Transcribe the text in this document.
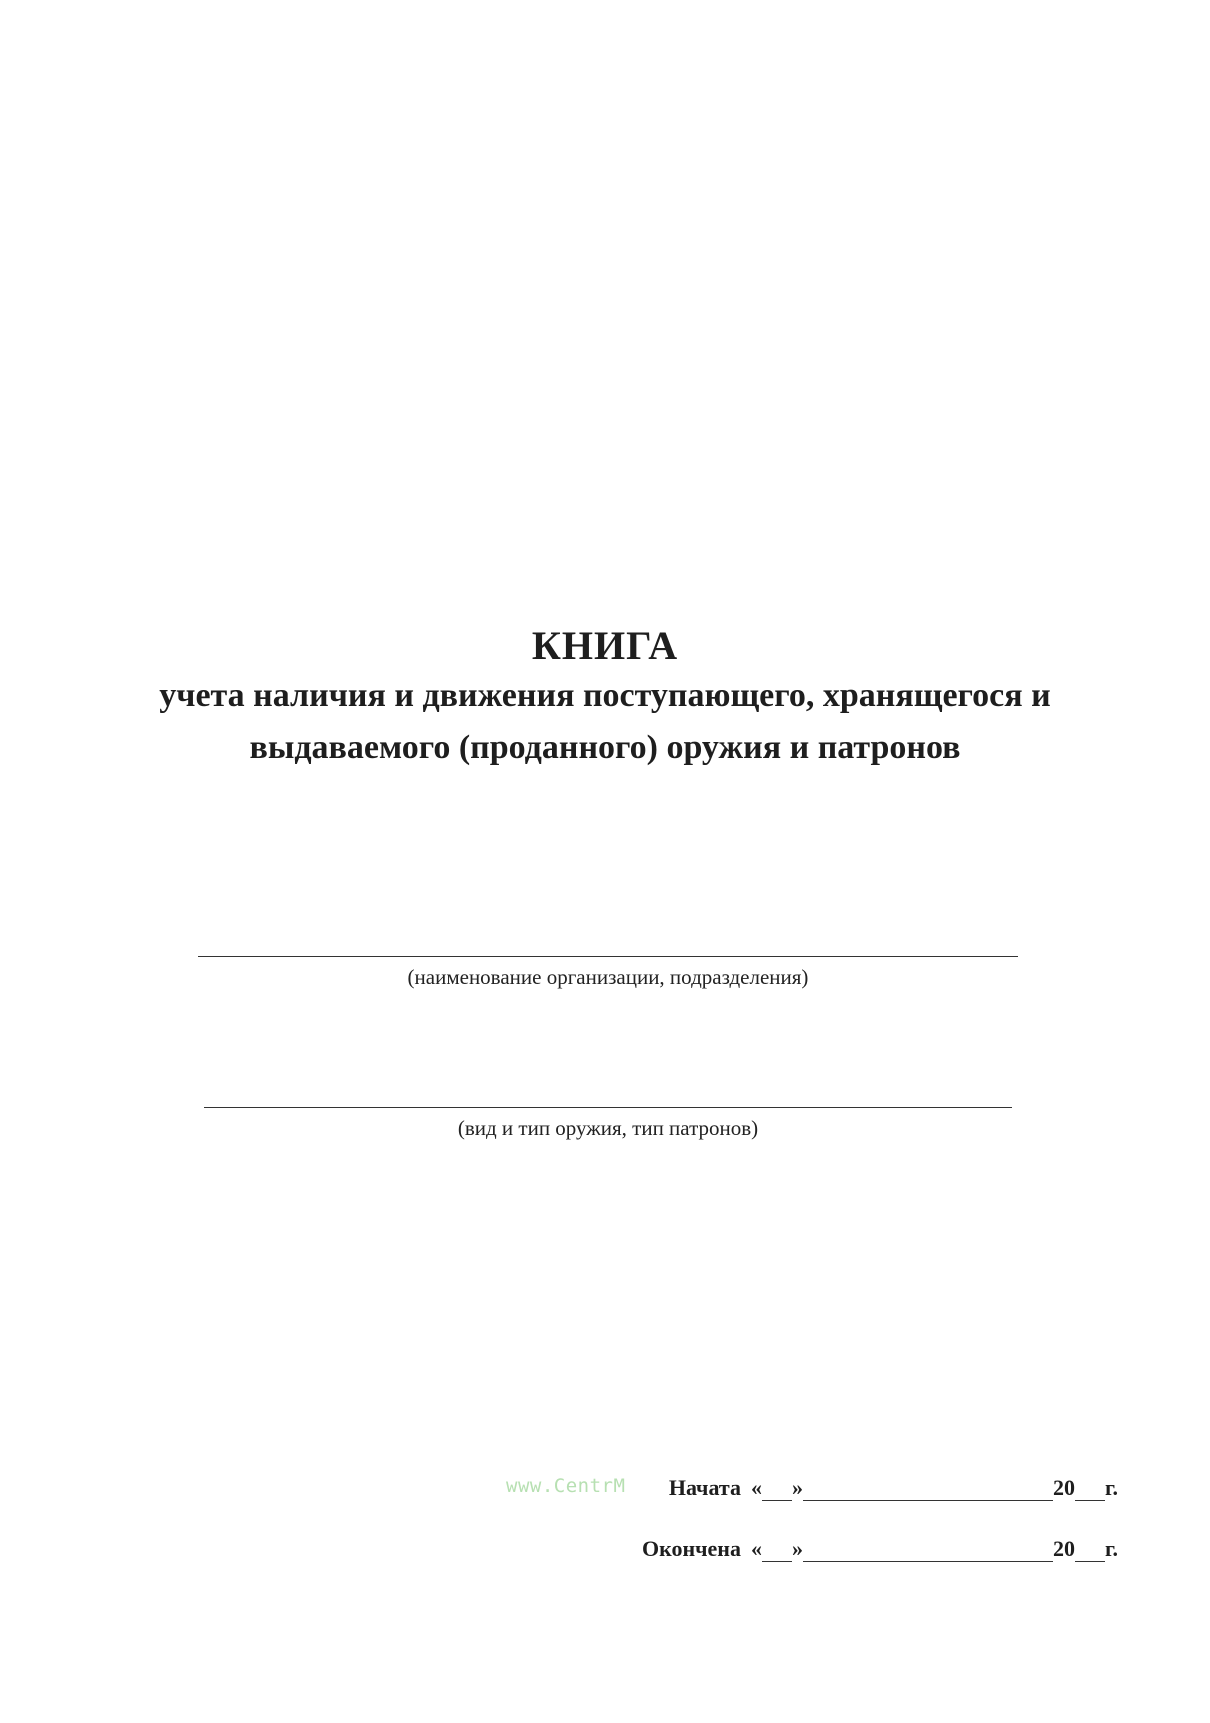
КНИГА

учета наличия и движения поступающего, хранящегося и

выдаваемого (проданного) оружия и патронов

(наименование организации, подразделения)
(вид и тип оружия, тип патронов)
www.CentrM Начата « »	20 г.
Окончена « »	20 г.
